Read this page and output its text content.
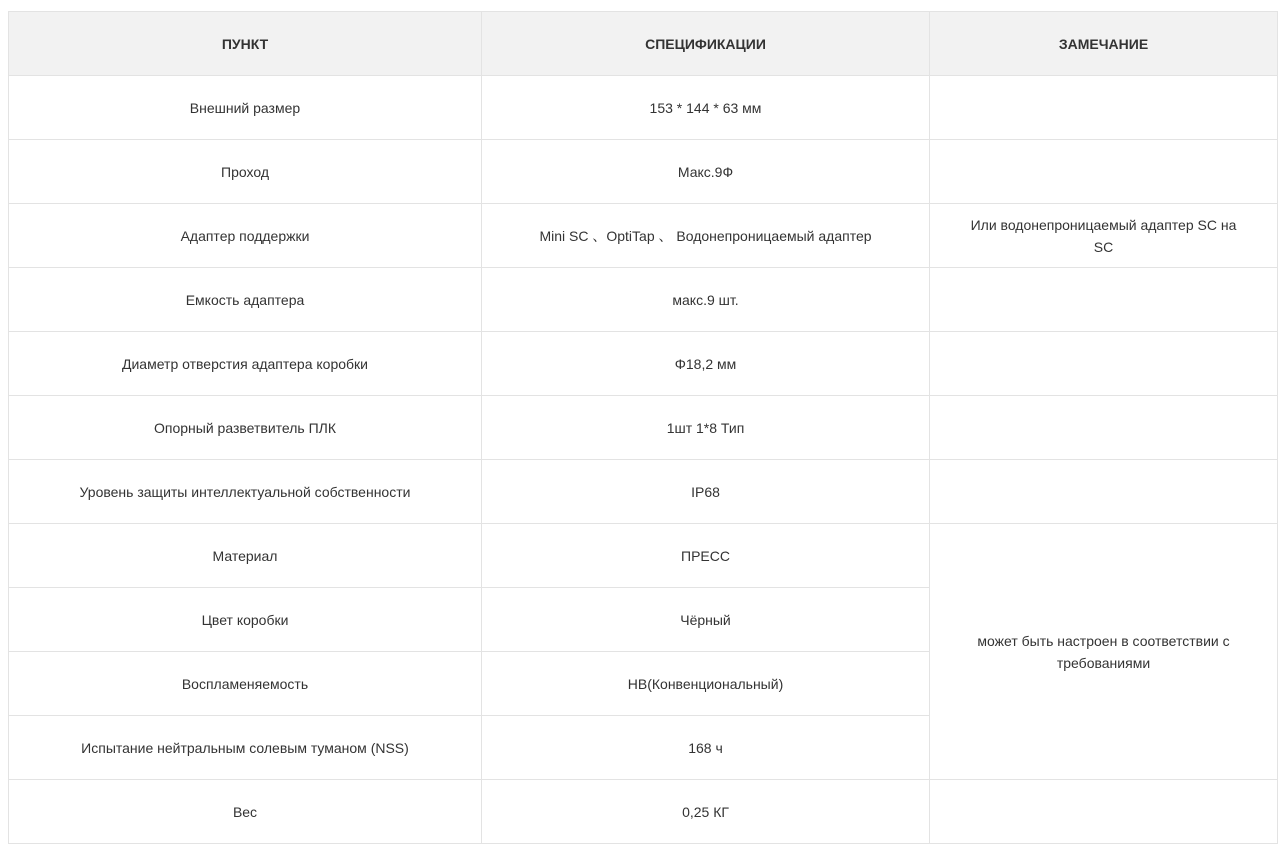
ПУНКТ	СПЕЦИФИКАЦИИ	ЗАМЕЧАНИЕ
Внешний размер	153 * 144 * 63 мм	
Проход	Макс.9Ф	
Адаптер поддержки	Mini SC 、OptiTap 、 Водонепроницаемый адаптер	Или водонепроницаемый адаптер SC на SC
Емкость адаптера	макс.9 шт.	
Диаметр отверстия адаптера коробки	Φ18,2 мм	
Опорный разветвитель ПЛК	1шт 1*8 Тип	
Уровень защиты интеллектуальной собственности	IP68	
Материал	ПРЕСС	может быть настроен в соответствии с требованиями
Цвет коробки	Чёрный	
Воспламеняемость	HB(Конвенциональный)	
Испытание нейтральным солевым туманом (NSS)	168 ч	
Вес	0,25 КГ	
